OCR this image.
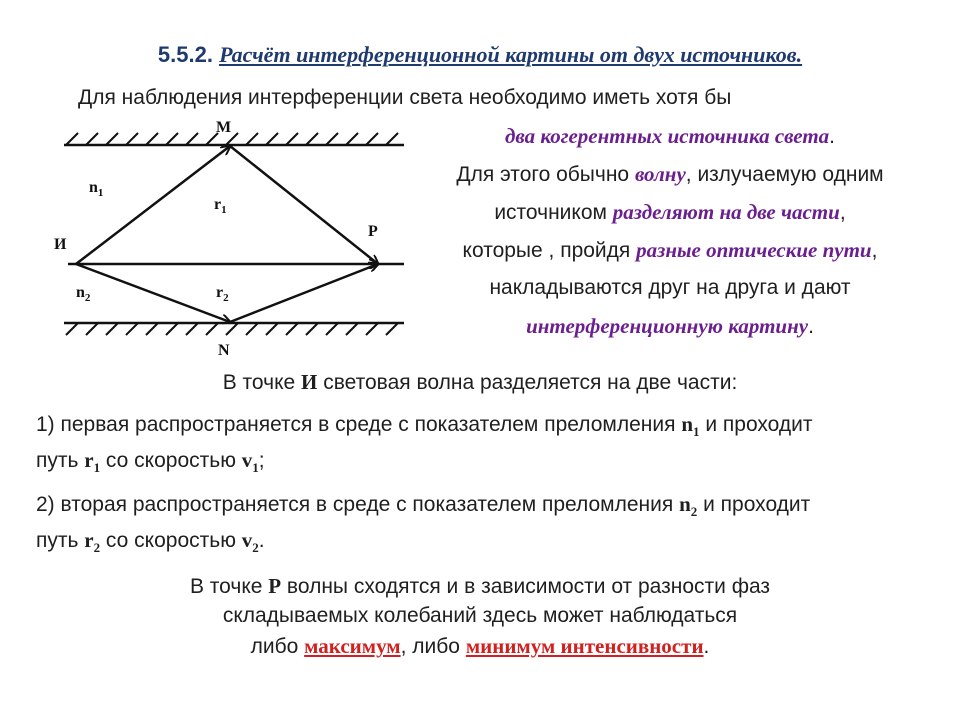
5.5.2. Расчёт интерференционной картины от двух источников.
Для наблюдения интерференции света необходимо иметь хотя бы
M
N
P
И
$n_1$
$r_1$
$n_2$	$r_2$
два когерентных источника света.
Для этого обычно волну, излучаемую одним
источником разделяют на две части,
которые , пройдя разные оптические пути,
накладываются друг на друга и дают
интерференционную картину.
В точке И световая волна разделяется на две части:
1) первая распространяется в среде с показателем преломления $n_1$ и проходит
путь $r_1$ со скоростью $v_1$;
2) вторая распространяется в среде с показателем преломления $n_2$ и проходит
путь $r_2$ со скоростью $v_2$.
В точке P волны сходятся и в зависимости от разности фаз
складываемых колебаний здесь может наблюдаться
либо максимум, либо минимум интенсивности.
